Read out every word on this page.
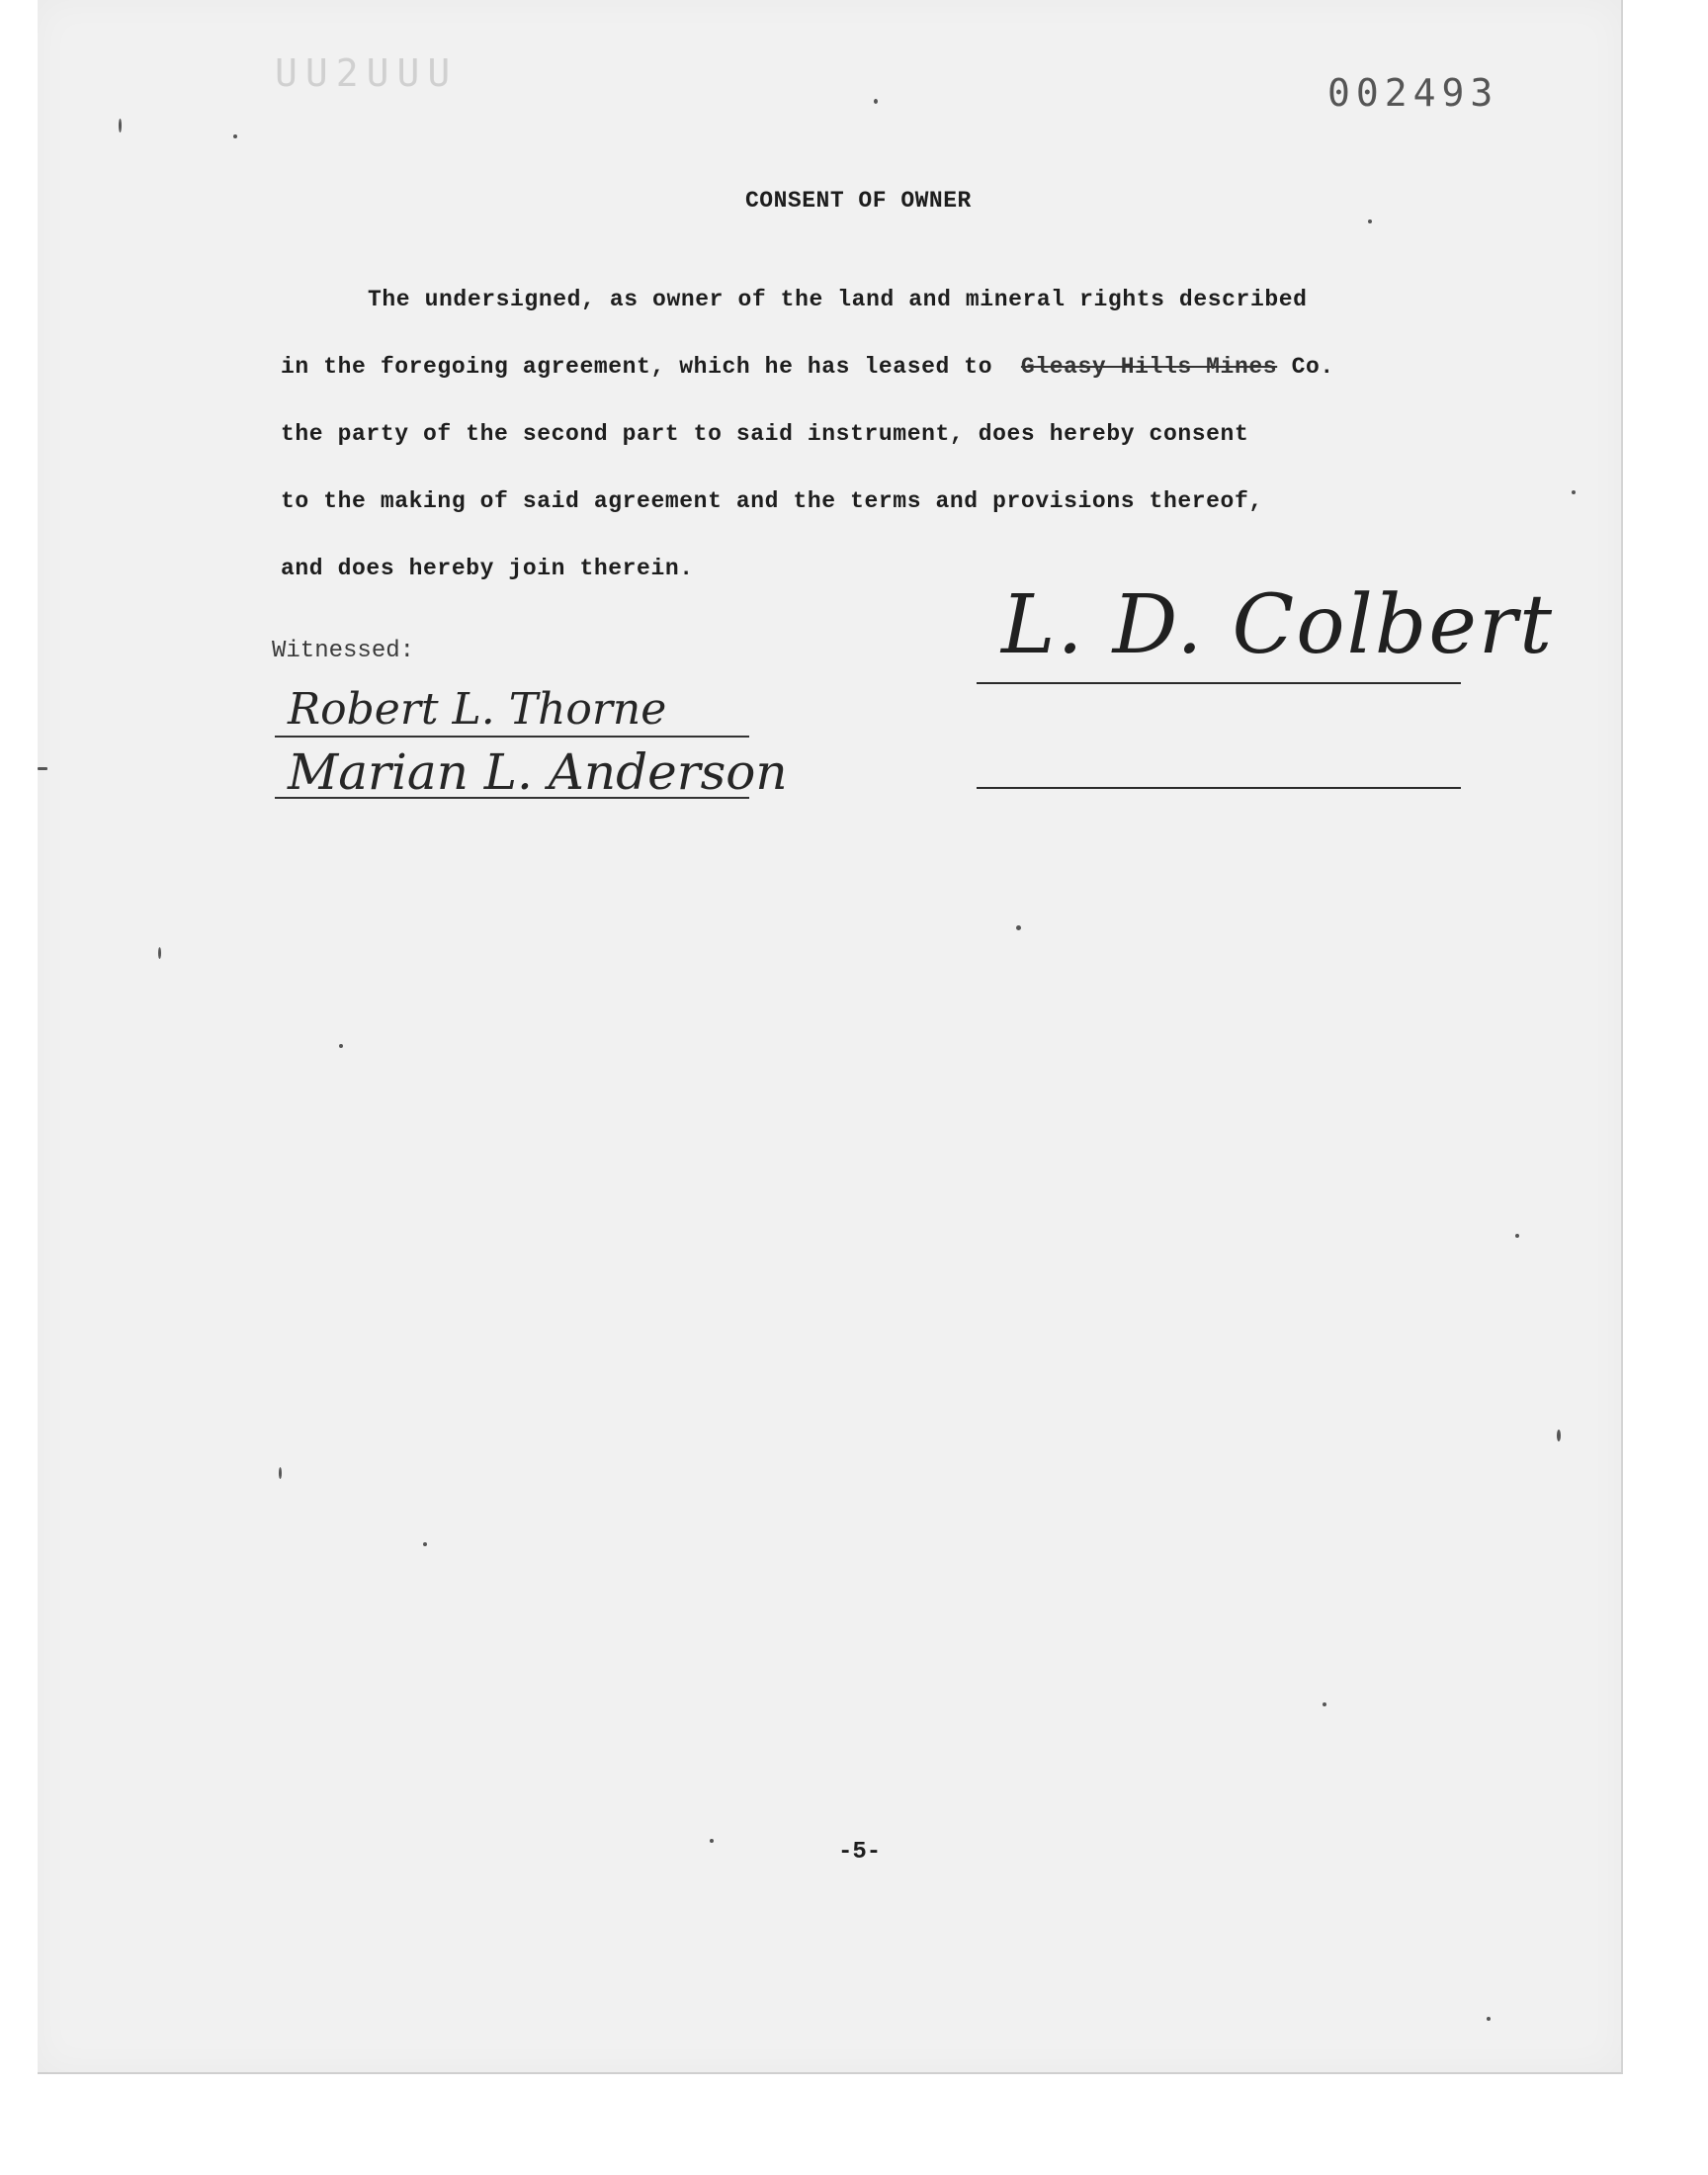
UU2UUU	002493
CONSENT OF OWNER
The undersigned, as owner of the land and mineral rights described
in the foregoing agreement, which he has leased to  Gleasy Hills Mines Co.
the party of the second part to said instrument, does hereby consent
to the making of said agreement and the terms and provisions thereof,
and does hereby join therein.
Witnessed:	L. D. Colbert
Robert L. Thorne
Marian L. Anderson
-5-
